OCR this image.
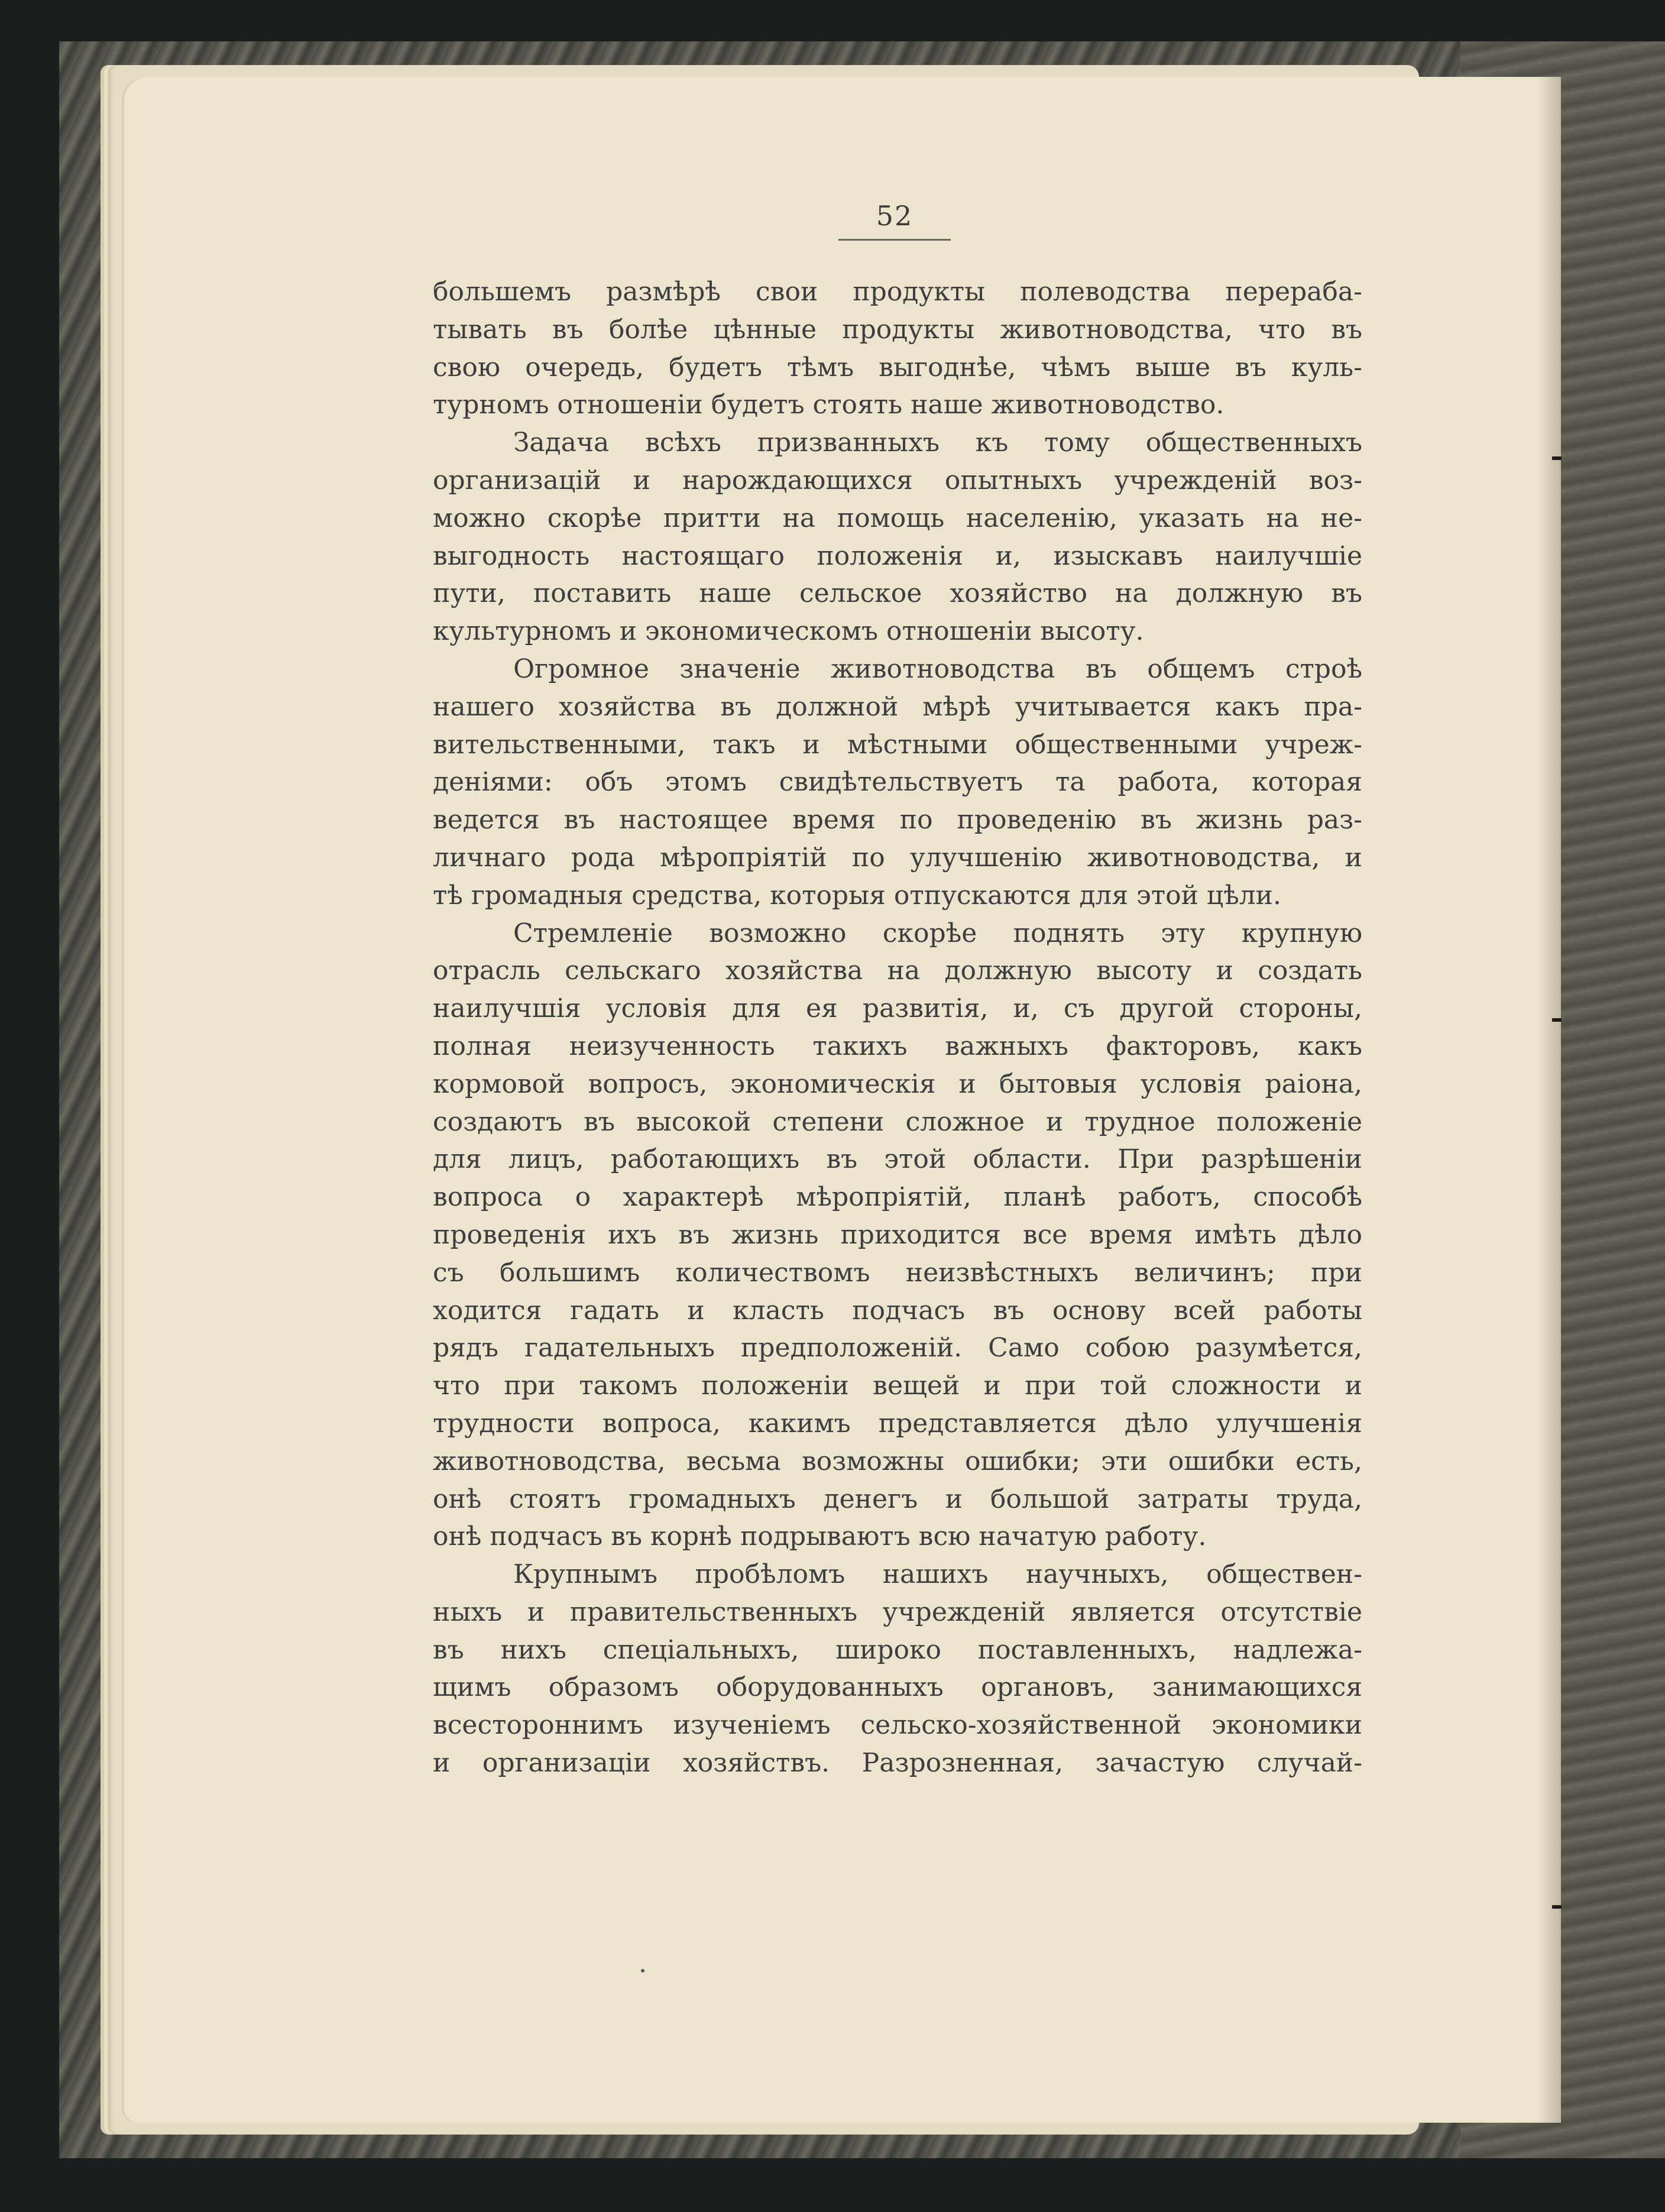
52

большемъ размѣрѣ свои продукты полеводства перераба-

тывать въ болѣе цѣнные продукты животноводства, что въ

свою очередь, будетъ тѣмъ выгоднѣе, чѣмъ выше въ куль-

турномъ отношенiи будетъ стоять наше животноводство.

Задача всѣхъ призванныхъ къ тому общественныхъ

организацiй и нарождающихся опытныхъ учрежденiй воз-

можно скорѣе притти на помощь населенiю, указать на не-

выгодность настоящаго положенiя и, изыскавъ наилучшiе

пути, поставить наше сельское хозяйство на должную въ

культурномъ и экономическомъ отношенiи высоту.

Огромное значенiе животноводства въ общемъ строѣ

нашего хозяйства въ должной мѣрѣ учитывается какъ пра-

вительственными, такъ и мѣстными общественными учреж-

денiями: объ этомъ свидѣтельствуетъ та работа, которая

ведется въ настоящее время по проведенiю въ жизнь раз-

личнаго рода мѣропрiятiй по улучшенiю животноводства, и

тѣ громадныя средства, которыя отпускаются для этой цѣли.

Стремленiе возможно скорѣе поднять эту крупную

отрасль сельскаго хозяйства на должную высоту и создать

наилучшiя условiя для ея развитiя, и, съ другой стороны,

полная неизученность такихъ важныхъ факторовъ, какъ

кормовой вопросъ, экономическiя и бытовыя условiя раiона,

создаютъ въ высокой степени сложное и трудное положенiе

для лицъ, работающихъ въ этой области. При разрѣшенiи

вопроса о характерѣ мѣропрiятiй, планѣ работъ, способѣ

проведенiя ихъ въ жизнь приходится все время имѣть дѣло

съ большимъ количествомъ неизвѣстныхъ величинъ; при

ходится гадать и класть подчасъ въ основу всей работы

рядъ гадательныхъ предположенiй. Само собою разумѣется,

что при такомъ положенiи вещей и при той сложности и

трудности вопроса, какимъ представляется дѣло улучшенiя

животноводства, весьма возможны ошибки; эти ошибки есть,

онѣ стоятъ громадныхъ денегъ и большой затраты труда,

онѣ подчасъ въ корнѣ подрываютъ всю начатую работу.

Крупнымъ пробѣломъ нашихъ научныхъ, обществен-

ныхъ и правительственныхъ учрежденiй является отсутствiе

въ нихъ спецiальныхъ, широко поставленныхъ, надлежа-

щимъ образомъ оборудованныхъ органовъ, занимающихся

всестороннимъ изученiемъ сельско-хозяйственной экономики

и организацiи хозяйствъ. Разрозненная, зачастую случай-
